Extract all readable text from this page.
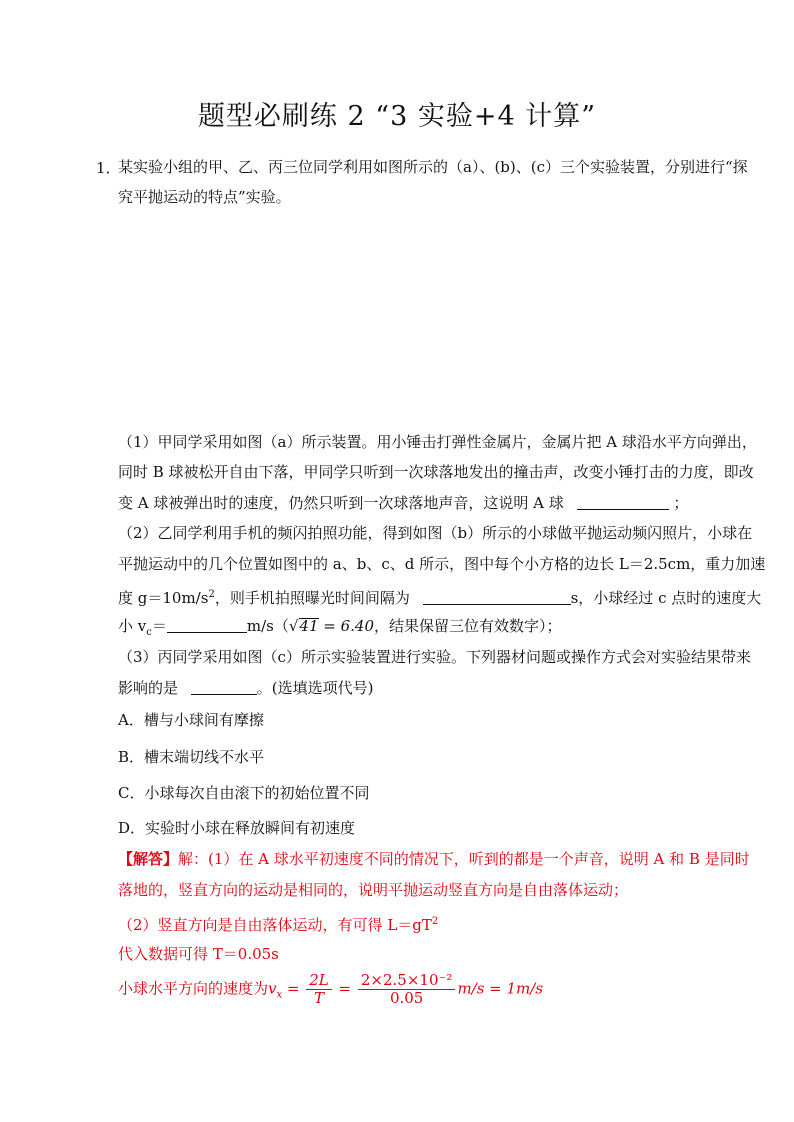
题型必刷练 2 “3 实验+4 计算”
1．
某实验小组的甲、乙、丙三位同学利用如图所示的（a）、(b)、(c）三个实验装置，分别进行“探
究平抛运动的特点”实验。
（1）甲同学采用如图（a）所示装置。用小锤击打弹性金属片，金属片把 A 球沿水平方向弹出，
同时 B 球被松开自由下落，甲同学只听到一次球落地发出的撞击声，改变小锤打击的力度，即改
变 A 球被弹出时的速度，仍然只听到一次球落地声音，这说明 A 球	；
（2）乙同学利用手机的频闪拍照功能，得到如图（b）所示的小球做平抛运动频闪照片，小球在
平抛运动中的几个位置如图中的 a、b、c、d 所示，图中每个小方格的边长 L＝2.5cm，重力加速
度 $g=10m/s^2$，则手机拍照曝光时间间隔为	s，小球经过 c 点时的速度大
小 $v_c=$	m/s（√41 = 6.40，结果保留三位有效数字）；
（3）丙同学采用如图（c）所示实验装置进行实验。下列器材问题或操作方式会对实验结果带来
影响的是	。(选填选项代号)
A．槽与小球间有摩擦
B．槽末端切线不水平
C．小球每次自由滚下的初始位置不同
D．实验时小球在释放瞬间有初速度
【解答】解：(1）在 A 球水平初速度不同的情况下，听到的都是一个声音，说明 A 和 B 是同时
落地的，竖直方向的运动是相同的，说明平抛运动竖直方向是自由落体运动；
（2）竖直方向是自由落体运动，有可得 $L=gT^2$
代入数据可得 T＝0.05s
小球水平方向的速度为$v_x = \frac{2L}{T} = \frac{\text{2×2.5×10⁻²}}{0.05} m/s = 1m/s$
